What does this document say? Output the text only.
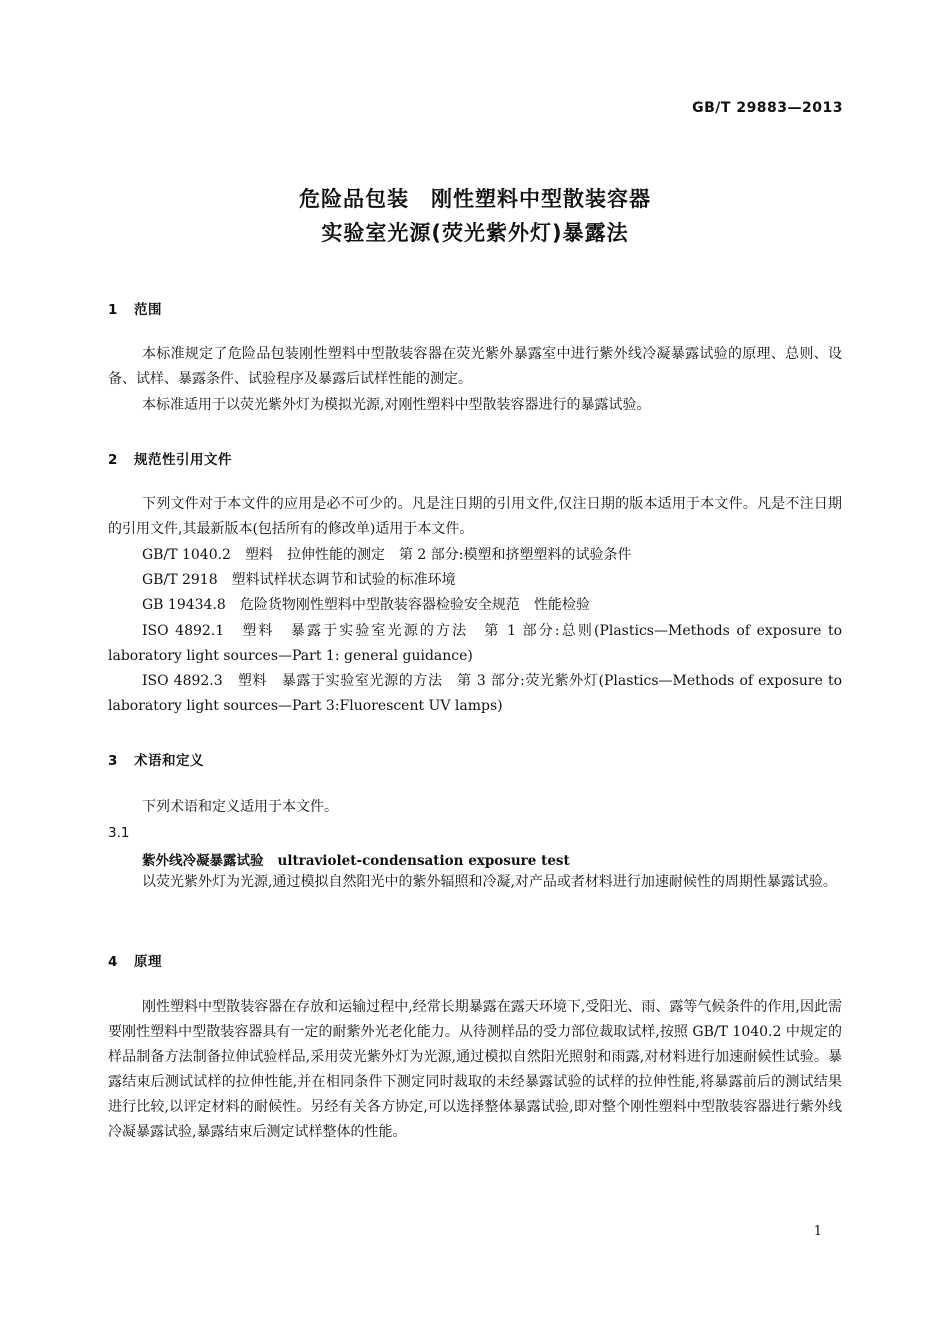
GB/T 29883—2013
危险品包装　刚性塑料中型散装容器
实验室光源(荧光紫外灯)暴露法
1 范围

本标准规定了危险品包装刚性塑料中型散装容器在荧光紫外暴露室中进行紫外线冷凝暴露试验的原理、总则、设备、试样、暴露条件、试验程序及暴露后试样性能的测定。

本标准适用于以荧光紫外灯为模拟光源,对刚性塑料中型散装容器进行的暴露试验。

2 规范性引用文件

下列文件对于本文件的应用是必不可少的。凡是注日期的引用文件,仅注日期的版本适用于本文件。凡是不注日期的引用文件,其最新版本(包括所有的修改单)适用于本文件。

GB/T 1040.2　塑料　拉伸性能的测定　第 2 部分:模塑和挤塑塑料的试验条件
GB/T 2918　塑料试样状态调节和试验的标准环境
GB 19434.8　危险货物刚性塑料中型散装容器检验安全规范　性能检验

ISO 4892.1　塑料　暴露于实验室光源的方法　第 1 部分:总则(Plastics—Methods of exposure to laboratory light sources—Part 1: general guidance)

ISO 4892.3　塑料　暴露于实验室光源的方法　第 3 部分:荧光紫外灯(Plastics—Methods of exposure to laboratory light sources—Part 3:Fluorescent UV lamps)

3 术语和定义
下列术语和定义适用于本文件。
3.1
紫外线冷凝暴露试验 ultraviolet-condensation exposure test

以荧光紫外灯为光源,通过模拟自然阳光中的紫外辐照和冷凝,对产品或者材料进行加速耐候性的周期性暴露试验。

4 原理

刚性塑料中型散装容器在存放和运输过程中,经常长期暴露在露天环境下,受阳光、雨、露等气候条件的作用,因此需要刚性塑料中型散装容器具有一定的耐紫外光老化能力。从待测样品的受力部位裁取试样,按照 GB/T 1040.2 中规定的样品制备方法制备拉伸试验样品,采用荧光紫外灯为光源,通过模拟自然阳光照射和雨露,对材料进行加速耐候性试验。暴露结束后测试试样的拉伸性能,并在相同条件下测定同时裁取的未经暴露试验的试样的拉伸性能,将暴露前后的测试结果进行比较,以评定材料的耐候性。另经有关各方协定,可以选择整体暴露试验,即对整个刚性塑料中型散装容器进行紫外线冷凝暴露试验,暴露结束后测定试样整体的性能。

1
